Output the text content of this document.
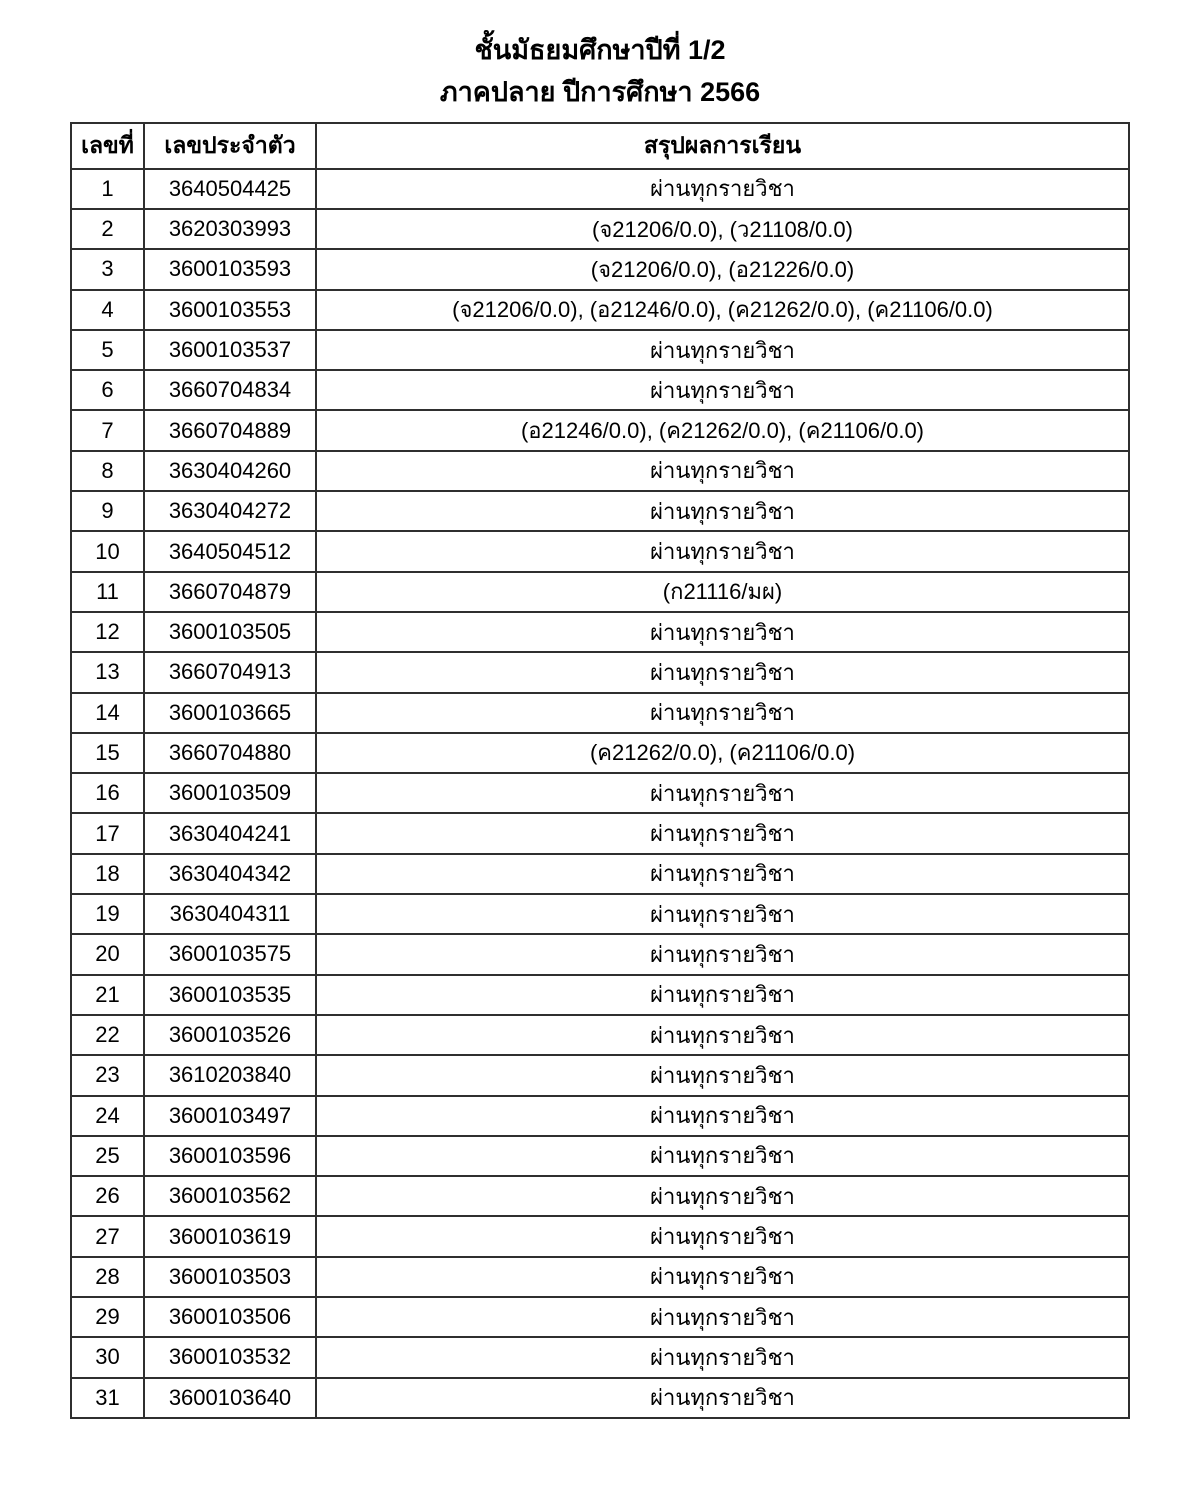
ชั้นมัธยมศึกษาปีที่ 1/2
ภาคปลาย ปีการศึกษา 2566
เลขที่	เลขประจำตัว	สรุปผลการเรียน
1	3640504425	ผ่านทุกรายวิชา
2	3620303993	(จ21206/0.0), (ว21108/0.0)
3	3600103593	(จ21206/0.0), (อ21226/0.0)
4	3600103553	(จ21206/0.0), (อ21246/0.0), (ค21262/0.0), (ค21106/0.0)
5	3600103537	ผ่านทุกรายวิชา
6	3660704834	ผ่านทุกรายวิชา
7	3660704889	(อ21246/0.0), (ค21262/0.0), (ค21106/0.0)
8	3630404260	ผ่านทุกรายวิชา
9	3630404272	ผ่านทุกรายวิชา
10	3640504512	ผ่านทุกรายวิชา
11	3660704879	(ก21116/มผ)
12	3600103505	ผ่านทุกรายวิชา
13	3660704913	ผ่านทุกรายวิชา
14	3600103665	ผ่านทุกรายวิชา
15	3660704880	(ค21262/0.0), (ค21106/0.0)
16	3600103509	ผ่านทุกรายวิชา
17	3630404241	ผ่านทุกรายวิชา
18	3630404342	ผ่านทุกรายวิชา
19	3630404311	ผ่านทุกรายวิชา
20	3600103575	ผ่านทุกรายวิชา
21	3600103535	ผ่านทุกรายวิชา
22	3600103526	ผ่านทุกรายวิชา
23	3610203840	ผ่านทุกรายวิชา
24	3600103497	ผ่านทุกรายวิชา
25	3600103596	ผ่านทุกรายวิชา
26	3600103562	ผ่านทุกรายวิชา
27	3600103619	ผ่านทุกรายวิชา
28	3600103503	ผ่านทุกรายวิชา
29	3600103506	ผ่านทุกรายวิชา
30	3600103532	ผ่านทุกรายวิชา
31	3600103640	ผ่านทุกรายวิชา
